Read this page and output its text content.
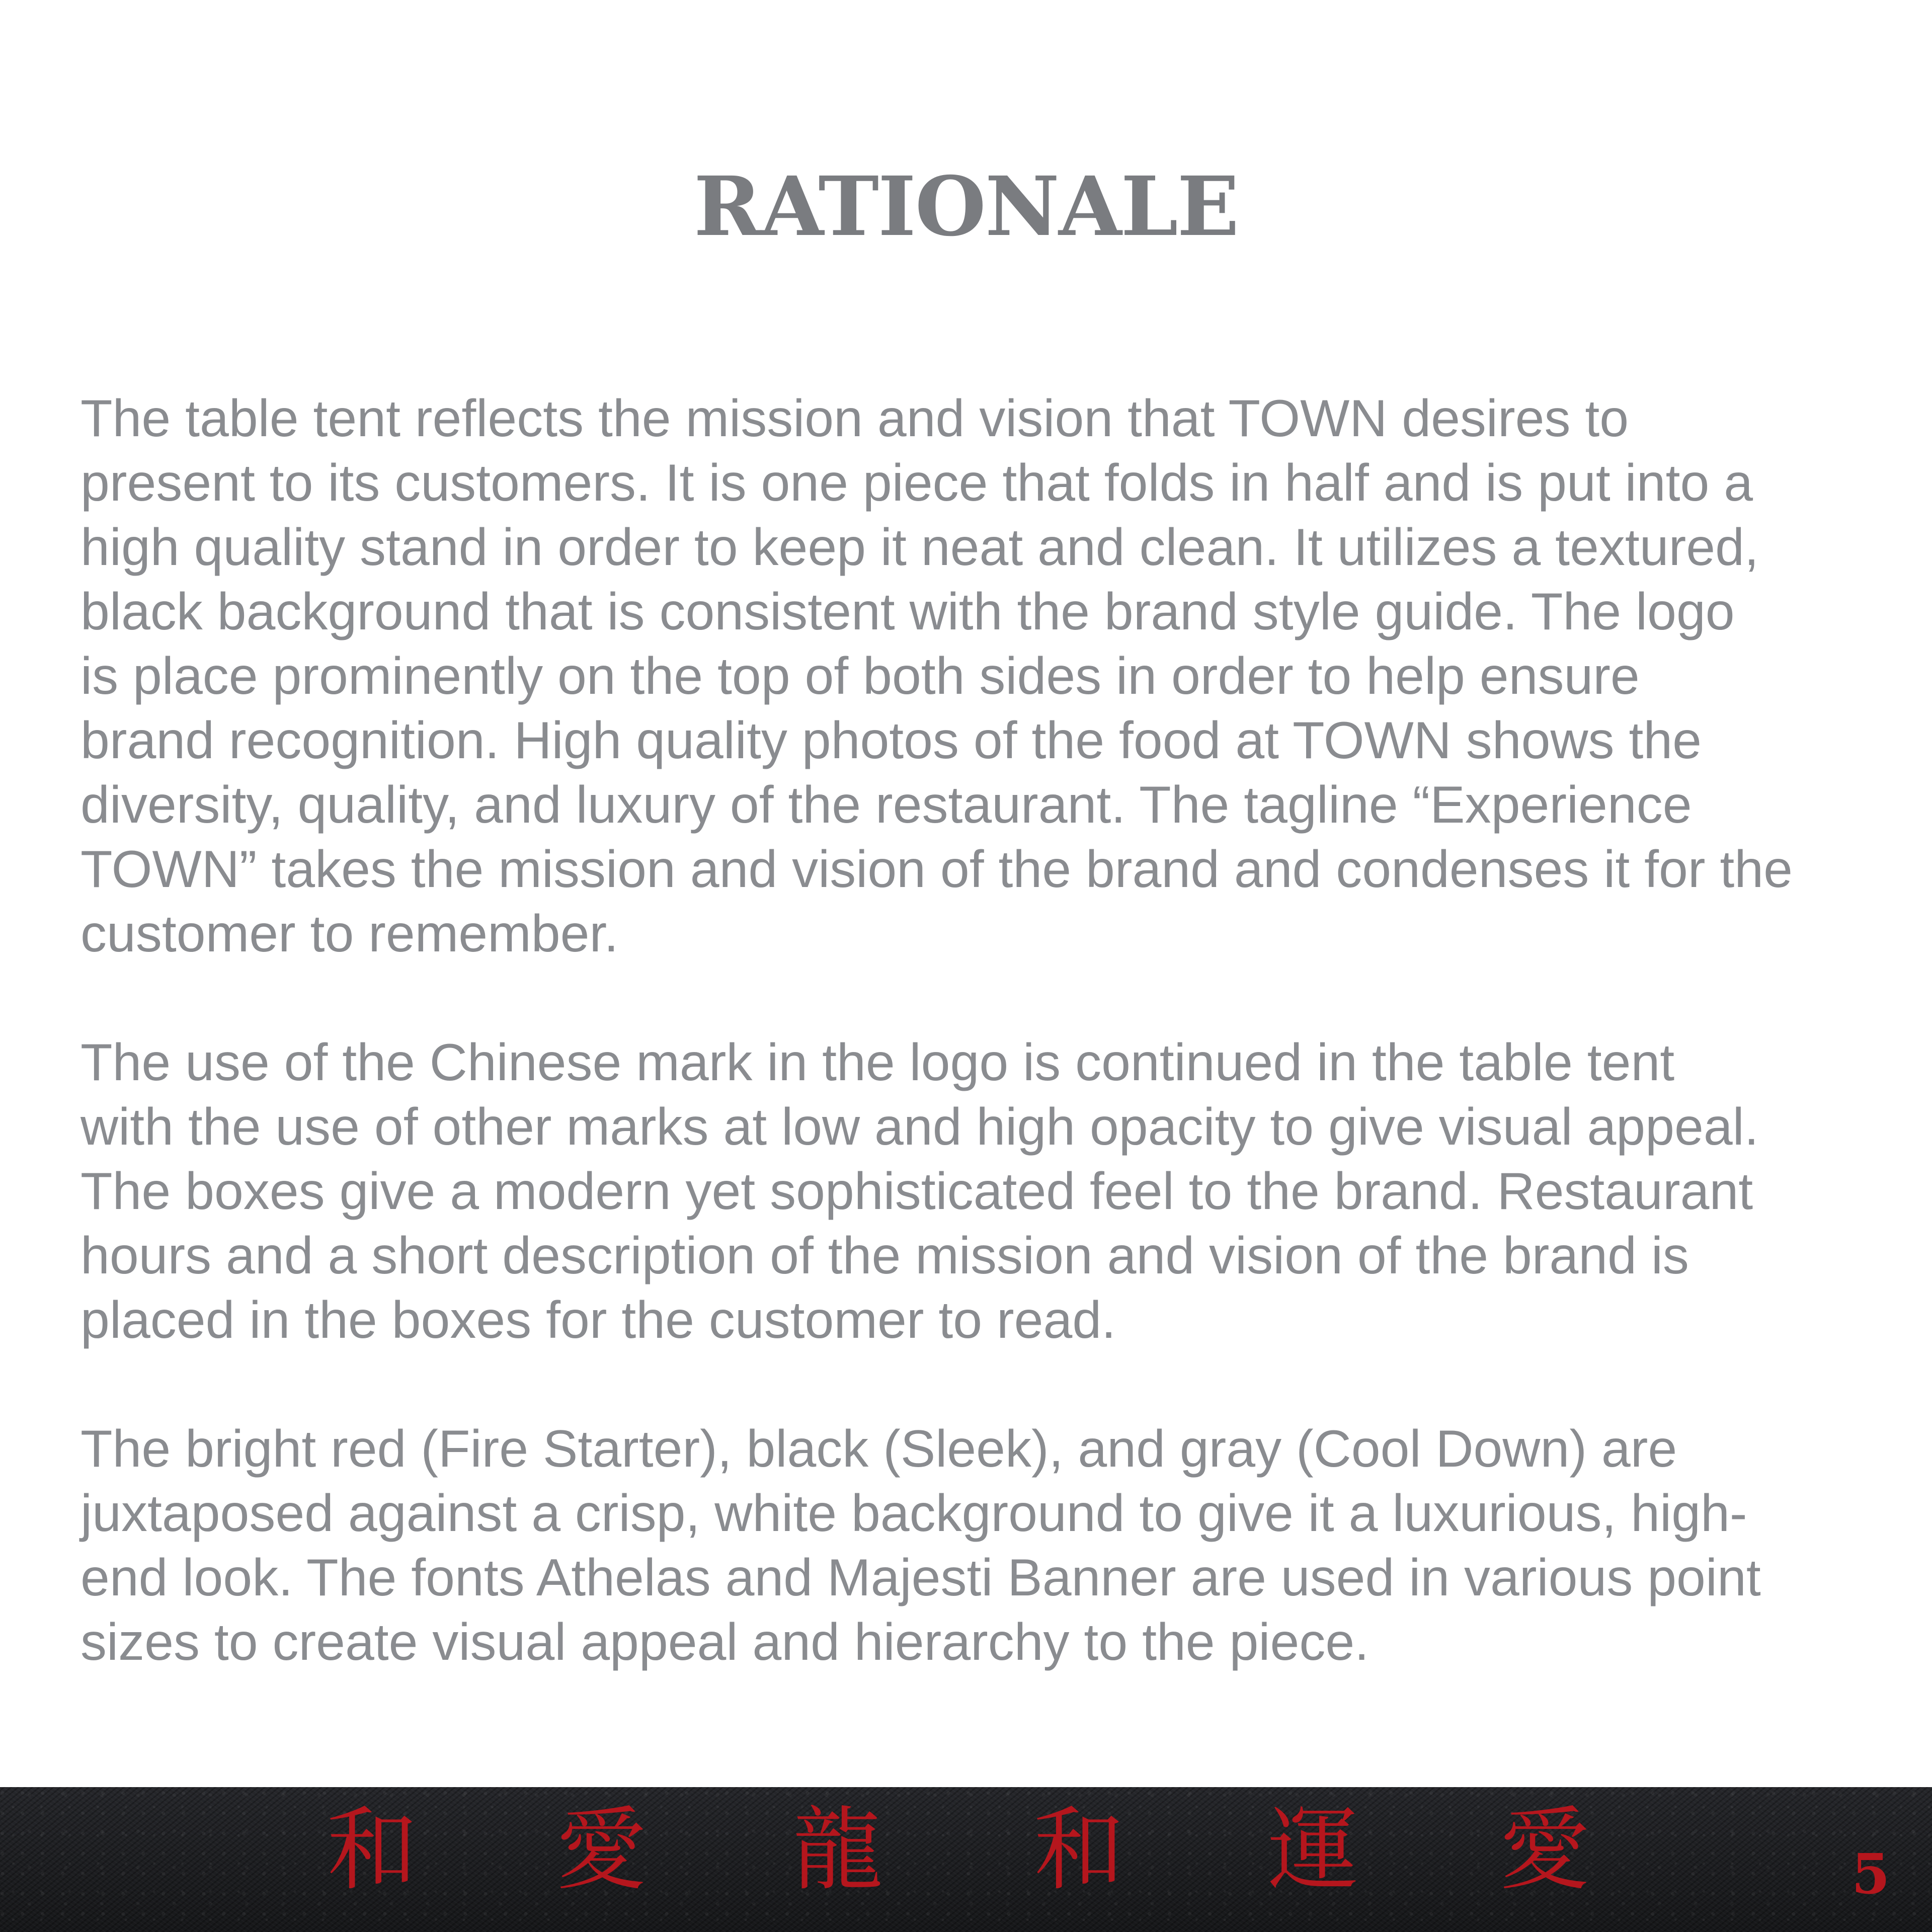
RATIONALE

The table tent reflects the mission and vision that TOWN desires to
present to its customers. It is one piece that folds in half and is put into a
high quality stand in order to keep it neat and clean. It utilizes a textured,
black background that is consistent with the brand style guide. The logo
is place prominently on the top of both sides in order to help ensure
brand recognition. High quality photos of the food at TOWN shows the
diversity, quality, and luxury of the restaurant. The tagline “Experience
TOWN” takes the mission and vision of the brand and condenses it for the
customer to remember.

The use of the Chinese mark in the logo is continued in the table tent
with the use of other marks at low and high opacity to give visual appeal.
The boxes give a modern yet sophisticated feel to the brand. Restaurant
hours and a short description of the mission and vision of the brand is
placed in the boxes for the customer to read.

The bright red (Fire Starter), black (Sleek), and gray (Cool Down) are
juxtaposed against a crisp, white background to give it a luxurious, high-
end look. The fonts Athelas and Majesti Banner are used in various point
sizes to create visual appeal and hierarchy to the piece.

和 愛 龍 和 運 愛	5
